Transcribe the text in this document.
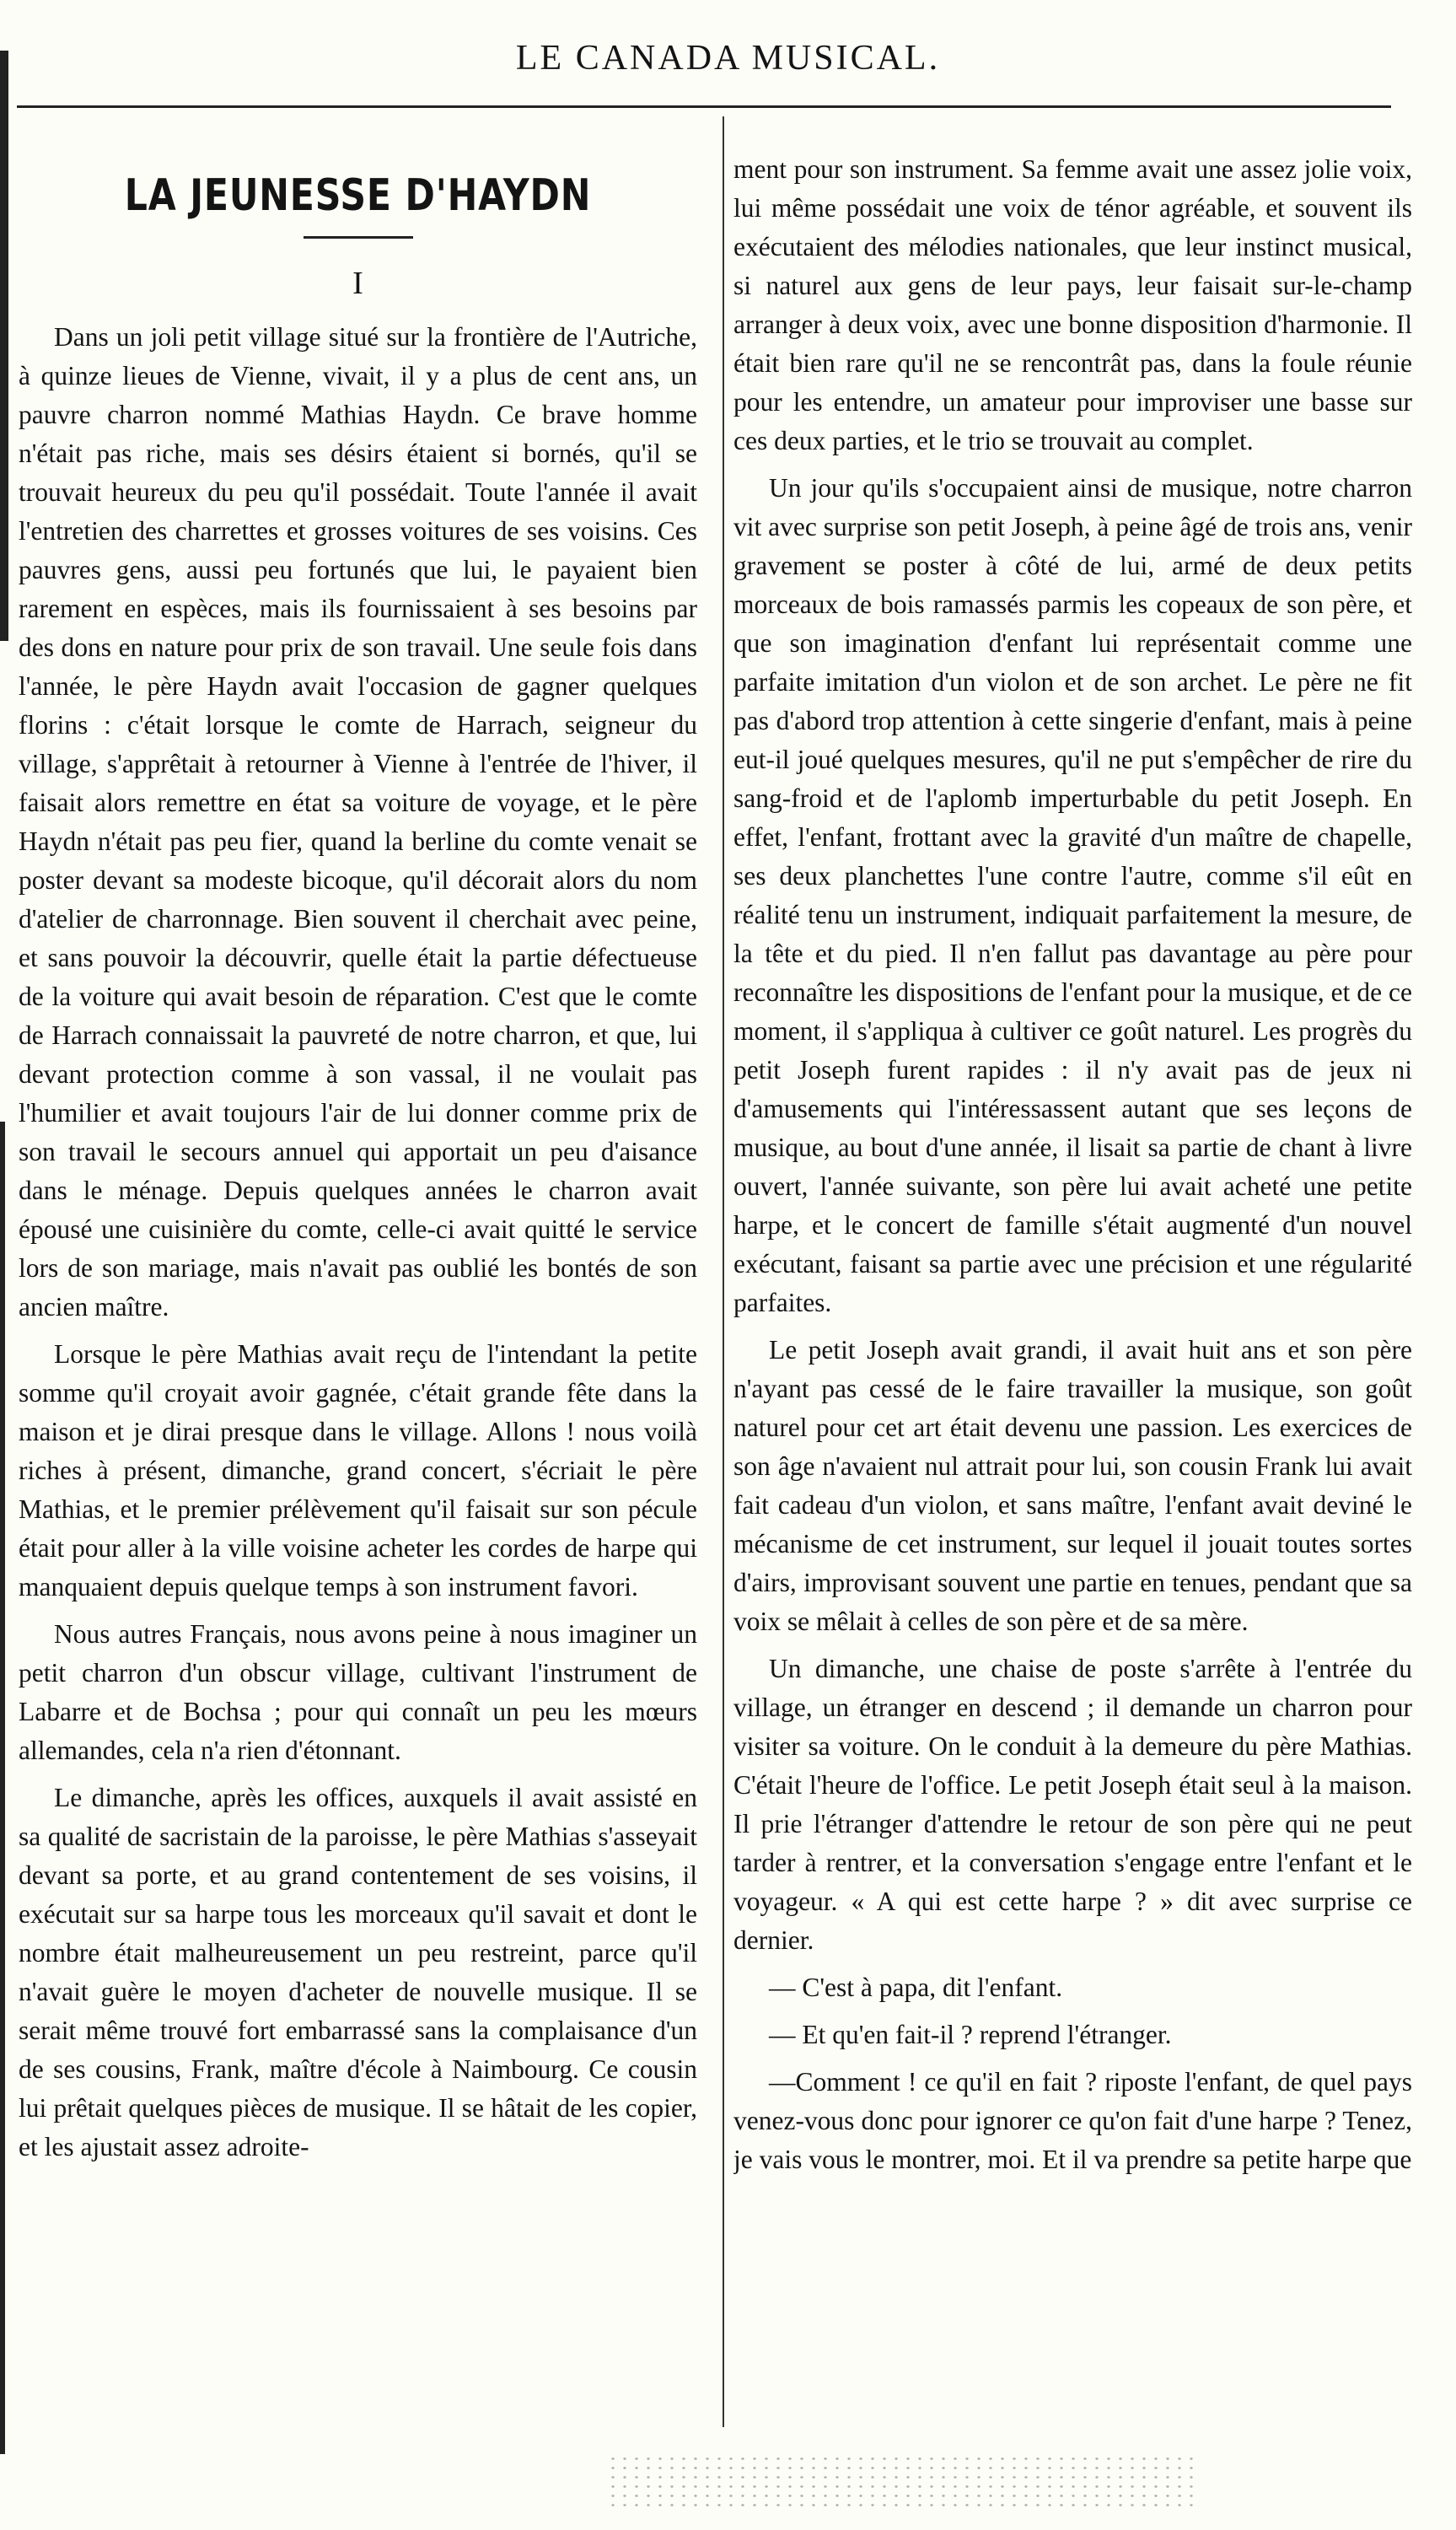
LE CANADA MUSICAL.
LA JEUNESSE D'HAYDN
I

Dans un joli petit village situé sur la frontière de l'Autriche, à quinze lieues de Vienne, vivait, il y a plus de cent ans, un pauvre charron nommé Mathias Haydn. Ce brave homme n'était pas riche, mais ses désirs étaient si bornés, qu'il se trouvait heureux du peu qu'il possédait. Toute l'année il avait l'entretien des charrettes et grosses voitures de ses voisins. Ces pauvres gens, aussi peu fortunés que lui, le payaient bien rarement en espèces, mais ils fournissaient à ses besoins par des dons en nature pour prix de son travail. Une seule fois dans l'année, le père Haydn avait l'occasion de gagner quelques florins : c'était lorsque le comte de Harrach, seigneur du village, s'apprêtait à retourner à Vienne à l'entrée de l'hiver, il faisait alors remettre en état sa voiture de voyage, et le père Haydn n'était pas peu fier, quand la berline du comte venait se poster devant sa modeste bicoque, qu'il décorait alors du nom d'atelier de charronnage. Bien souvent il cherchait avec peine, et sans pouvoir la découvrir, quelle était la partie défectueuse de la voiture qui avait besoin de réparation. C'est que le comte de Harrach connaissait la pauvreté de notre charron, et que, lui devant protection comme à son vassal, il ne voulait pas l'humilier et avait toujours l'air de lui donner comme prix de son travail le secours annuel qui apportait un peu d'aisance dans le ménage. Depuis quelques années le charron avait épousé une cuisinière du comte, celle-ci avait quitté le service lors de son mariage, mais n'avait pas oublié les bontés de son ancien maître.

Lorsque le père Mathias avait reçu de l'intendant la petite somme qu'il croyait avoir gagnée, c'était grande fête dans la maison et je dirai presque dans le village. Allons ! nous voilà riches à présent, dimanche, grand concert, s'écriait le père Mathias, et le premier prélèvement qu'il faisait sur son pécule était pour aller à la ville voisine acheter les cordes de harpe qui manquaient depuis quelque temps à son instrument favori.

Nous autres Français, nous avons peine à nous imaginer un petit charron d'un obscur village, cultivant l'instrument de Labarre et de Bochsa ; pour qui connaît un peu les mœurs allemandes, cela n'a rien d'étonnant.

Le dimanche, après les offices, auxquels il avait assisté en sa qualité de sacristain de la paroisse, le père Mathias s'asseyait devant sa porte, et au grand contentement de ses voisins, il exécutait sur sa harpe tous les morceaux qu'il savait et dont le nombre était malheureusement un peu restreint, parce qu'il n'avait guère le moyen d'acheter de nouvelle musique. Il se serait même trouvé fort embarrassé sans la complaisance d'un de ses cousins, Frank, maître d'école à Naimbourg. Ce cousin lui prêtait quelques pièces de musique. Il se hâtait de les copier, et les ajustait assez adroite-

ment pour son instrument. Sa femme avait une assez jolie voix, lui même possédait une voix de ténor agréable, et souvent ils exécutaient des mélodies nationales, que leur instinct musical, si naturel aux gens de leur pays, leur faisait sur-le-champ arranger à deux voix, avec une bonne disposition d'harmonie. Il était bien rare qu'il ne se rencontrât pas, dans la foule réunie pour les entendre, un amateur pour improviser une basse sur ces deux parties, et le trio se trouvait au complet.

Un jour qu'ils s'occupaient ainsi de musique, notre charron vit avec surprise son petit Joseph, à peine âgé de trois ans, venir gravement se poster à côté de lui, armé de deux petits morceaux de bois ramassés parmis les copeaux de son père, et que son imagination d'enfant lui représentait comme une parfaite imitation d'un violon et de son archet. Le père ne fit pas d'abord trop attention à cette singerie d'enfant, mais à peine eut-il joué quelques mesures, qu'il ne put s'empêcher de rire du sang-froid et de l'aplomb imperturbable du petit Joseph. En effet, l'enfant, frottant avec la gravité d'un maître de chapelle, ses deux planchettes l'une contre l'autre, comme s'il eût en réalité tenu un instrument, indiquait parfaitement la mesure, de la tête et du pied. Il n'en fallut pas davantage au père pour reconnaître les dispositions de l'enfant pour la musique, et de ce moment, il s'appliqua à cultiver ce goût naturel. Les progrès du petit Joseph furent rapides : il n'y avait pas de jeux ni d'amusements qui l'intéressassent autant que ses leçons de musique, au bout d'une année, il lisait sa partie de chant à livre ouvert, l'année suivante, son père lui avait acheté une petite harpe, et le concert de famille s'était augmenté d'un nouvel exécutant, faisant sa partie avec une précision et une régularité parfaites.

Le petit Joseph avait grandi, il avait huit ans et son père n'ayant pas cessé de le faire travailler la musique, son goût naturel pour cet art était devenu une passion. Les exercices de son âge n'avaient nul attrait pour lui, son cousin Frank lui avait fait cadeau d'un violon, et sans maître, l'enfant avait deviné le mécanisme de cet instrument, sur lequel il jouait toutes sortes d'airs, improvisant souvent une partie en tenues, pendant que sa voix se mêlait à celles de son père et de sa mère.

Un dimanche, une chaise de poste s'arrête à l'entrée du village, un étranger en descend ; il demande un charron pour visiter sa voiture. On le conduit à la demeure du père Mathias. C'était l'heure de l'office. Le petit Joseph était seul à la maison. Il prie l'étranger d'attendre le retour de son père qui ne peut tarder à rentrer, et la conversation s'engage entre l'enfant et le voyageur. « A qui est cette harpe ? » dit avec surprise ce dernier.

— C'est à papa, dit l'enfant.

— Et qu'en fait-il ? reprend l'étranger.

—Comment ! ce qu'il en fait ? riposte l'enfant, de quel pays venez-vous donc pour ignorer ce qu'on fait d'une harpe ? Tenez, je vais vous le montrer, moi. Et il va prendre sa petite harpe que
